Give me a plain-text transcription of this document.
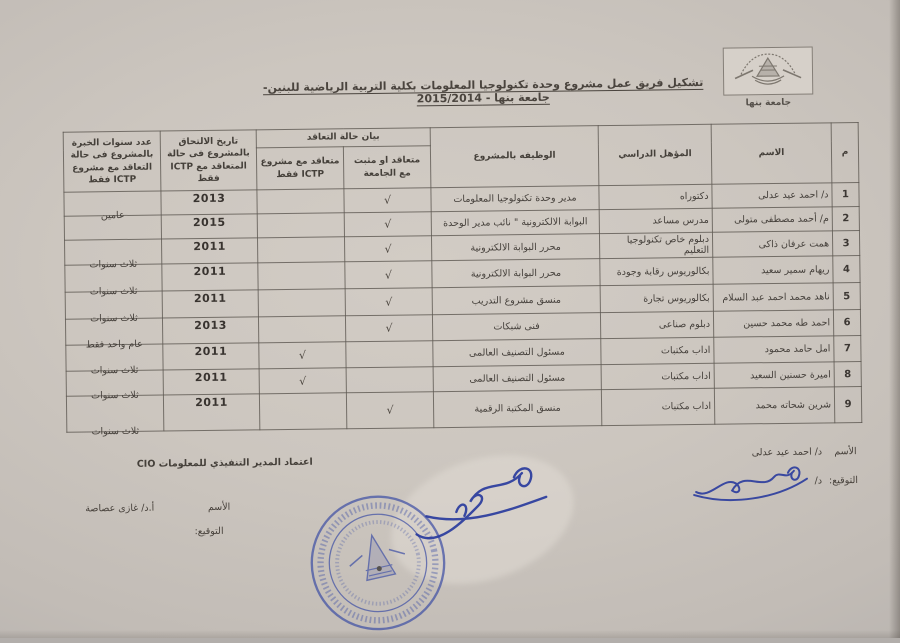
جامعة بنها
تشكيل فريق عمل مشروع وحدة تكنولوجيا المعلومات بكلية التربية الرياضية للبنين- جامعة بنها - 2015/2014
م	الاسم	المؤهل الدراسي	الوظيفه بالمشروع	بيان حالة التعاقد		تاريخ الالتحاق بالمشروع فى حالة المتعاقد مع ICTP فقط	عدد سنوات الخبرة بالمشروع فى حالة التعاقد مع مشروع ICTP فقط
				متعاقد او مثبت مع الجامعة	متعاقد مع مشروع ICTP فقط		
1	د/ احمد عيد عدلى	دكتوراه	مدير وحدة تكنولوجيا المعلومات	√		2013	عامين
2	م/ أحمد مصطفى متولى	مدرس مساعد	البوابة الالكترونية " نائب مدير الوحدة	√		2015	
3	همت عرفان ذاكى	دبلوم خاص تكنولوجيا التعليم	محرر البوابة الالكترونية	√		2011	ثلاث سنوات
4	ريهام سمير سعيد	بكالوريوس رقابة وجودة	محرر البوابة الالكترونية	√		2011	ثلاث سنوات
5	ناهد محمد احمد عبد السلام	بكالوريوس تجارة	منسق مشروع التدريب	√		2011	ثلاث سنوات
6	احمد طه محمد حسين	دبلوم صناعى	فنى شبكات	√		2013	عام واحد فقط
7	امل حامد محمود	اداب مكتبات	مسئول التصنيف العالمى		√	2011	ثلاث سنوات
8	اميرة حسنين السعيد	اداب مكتبات	مسئول التصنيف العالمى		√	2011	ثلاث سنوات
9	شرين شحاته محمد	اداب مكتبات	منسق المكتبة الرقمية	√		2011	ثلاث سنوات
الأسم
د/ احمد عيد عدلى
التوقيع:
د/
اعتماد المدير التنفيذي للمعلومات CIO
الأسم
أ.د/ غازى عصاصة
التوقيع:
